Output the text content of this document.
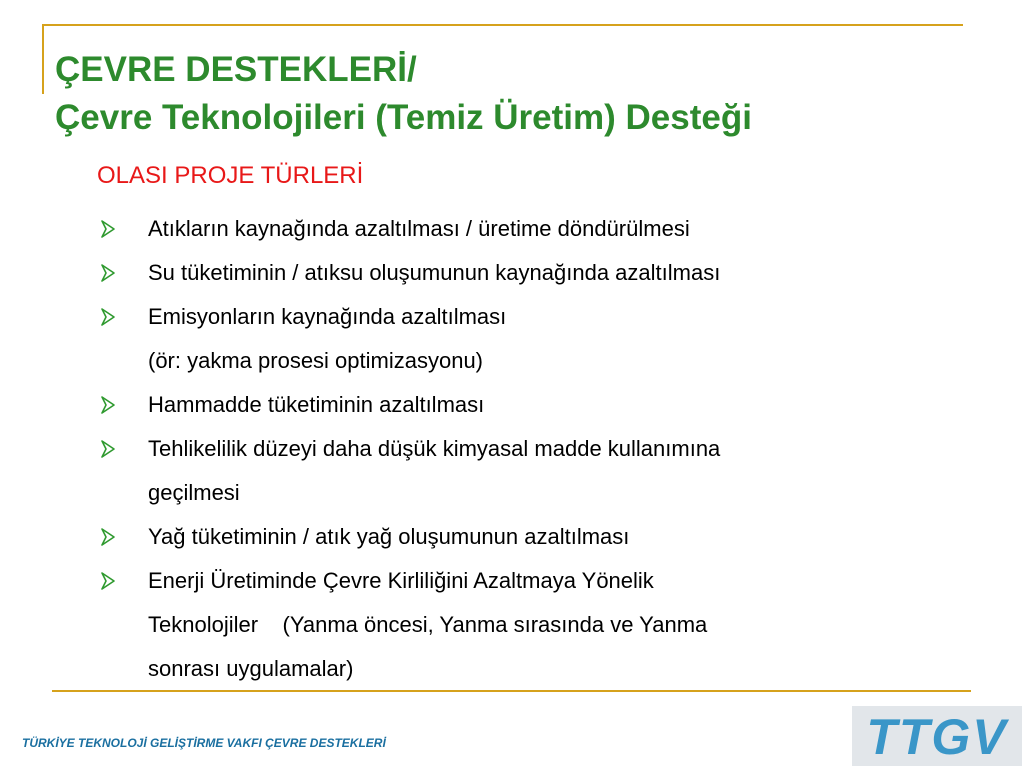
ÇEVRE DESTEKLERİ/
Çevre Teknolojileri (Temiz Üretim) Desteği
OLASI PROJE TÜRLERİ
Atıkların kaynağında azaltılması / üretime döndürülmesi
Su tüketiminin / atıksu oluşumunun kaynağında azaltılması
Emisyonların kaynağında azaltılması
(ör: yakma prosesi optimizasyonu)
Hammadde tüketiminin azaltılması
Tehlikelilik düzeyi daha düşük kimyasal madde kullanımına
geçilmesi
Yağ tüketiminin / atık yağ oluşumunun azaltılması
Enerji Üretiminde Çevre Kirliliğini Azaltmaya Yönelik
Teknolojiler    (Yanma öncesi, Yanma sırasında ve Yanma
sonrası uygulamalar)
TÜRKİYE TEKNOLOJİ GELİŞTİRME VAKFI ÇEVRE DESTEKLERİ	TTGV
